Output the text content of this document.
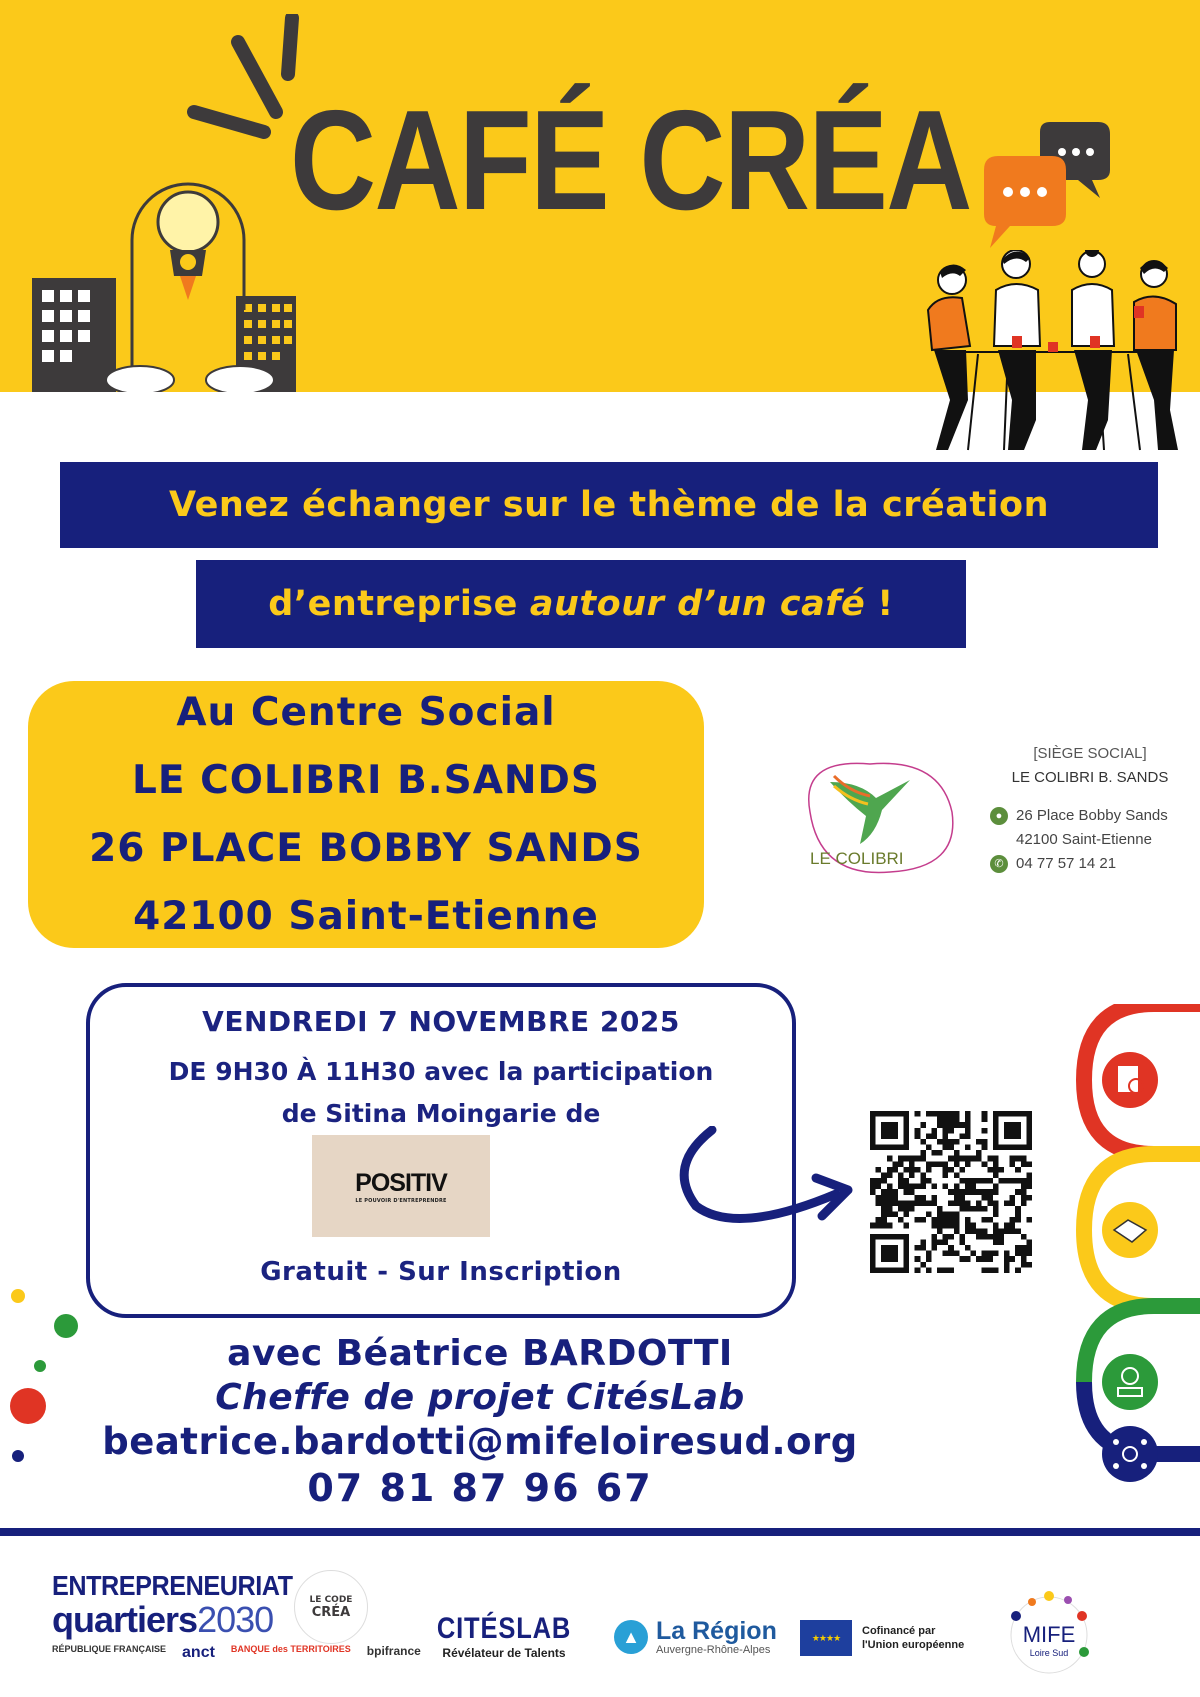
CAFÉ CRÉA
Venez échanger sur le thème de la création
d’entreprise autour d’un café !
Au Centre Social
LE COLIBRI B.SANDS
26 PLACE BOBBY SANDS
42100 Saint-Etienne
LE COLIBRI
[SIÈGE SOCIAL]
LE COLIBRI B. SANDS
● 26 Place Bobby Sands
42100 Saint-Etienne
✆ 04 77 57 14 21
VENDREDI 7 NOVEMBRE 2025
DE 9H30 À 11H30 avec la participation
de Sitina Moingarie de
POSITIV
LE POUVOIR D'ENTREPRENDRE
Gratuit - Sur Inscription
avec Béatrice BARDOTTI
Cheffe de projet CitésLab
beatrice.bardotti@mifeloiresud.org
07 81 87 96 67
ENTREPRENEURIAT
quartiers2030
RÉPUBLIQUE FRANÇAISE anct BANQUE des TERRITOIRES bpifrance
LE CODE
CRÉA	CITÉSLAB
Révélateur de Talents
▲ La Région
Auvergne-Rhône-Alpes
★★★★
Cofinancé par
l'Union européenne	MIFE
Loire Sud
